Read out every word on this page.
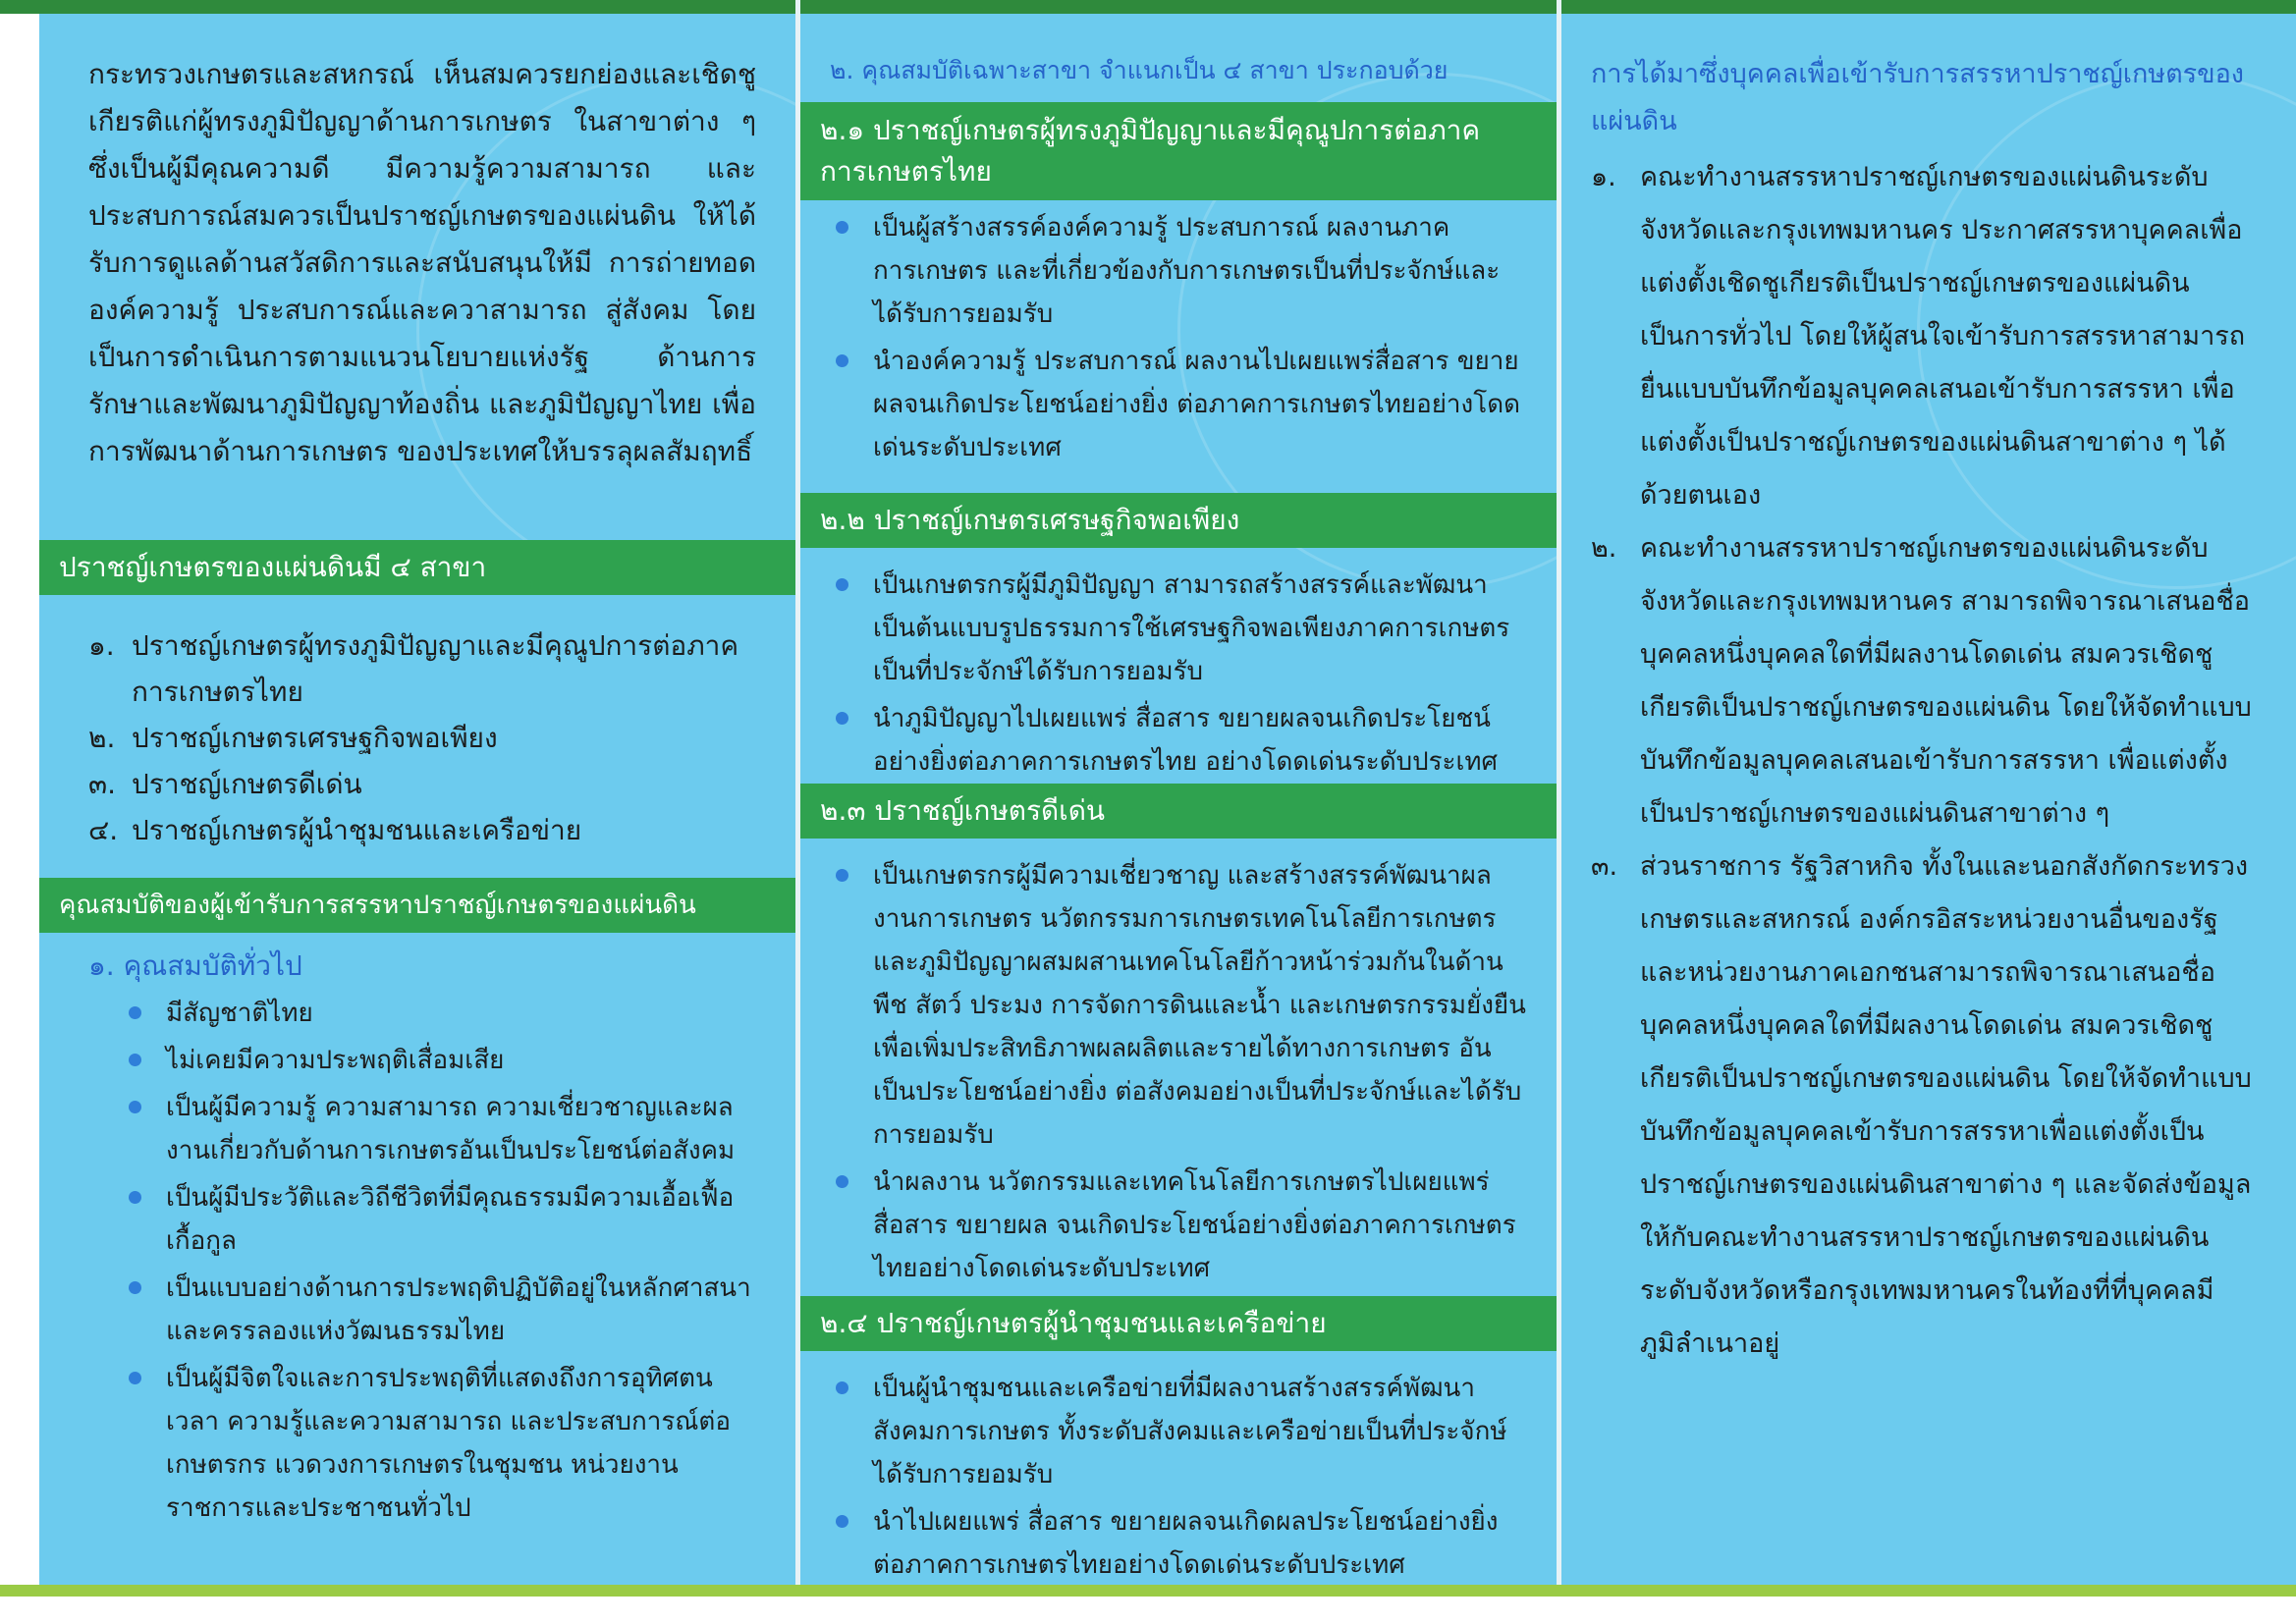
กระทรวงเกษตรและสหกรณ์ เห็นสมควรยกย่องและเชิดชูเกียรติแก่ผู้ทรงภูมิปัญญาด้านการเกษตร ในสาขาต่าง ๆ ซึ่งเป็นผู้มีคุณความดี มีความรู้ความสามารถ และประสบการณ์สมควรเป็นปราชญ์เกษตรของแผ่นดิน ให้ได้รับการดูแลด้านสวัสดิการและสนับสนุนให้มี การถ่ายทอดองค์ความรู้ ประสบการณ์และควาสามารถ สู่สังคม โดยเป็นการดำเนินการตามแนวนโยบายแห่งรัฐ ด้านการรักษาและพัฒนาภูมิปัญญาท้องถิ่น และภูมิปัญญาไทย เพื่อการพัฒนาด้านการเกษตร ของประเทศให้บรรลุผลสัมฤทธิ์

ปราชญ์เกษตรของแผ่นดินมี ๔ สาขา
๑. ปราชญ์เกษตรผู้ทรงภูมิปัญญาและมีคุณูปการต่อภาคการเกษตรไทย
๒. ปราชญ์เกษตรเศรษฐกิจพอเพียง
๓. ปราชญ์เกษตรดีเด่น
๔. ปราชญ์เกษตรผู้นำชุมชนและเครือข่าย
คุณสมบัติของผู้เข้ารับการสรรหาปราชญ์เกษตรของแผ่นดิน
๑. คุณสมบัติทั่วไป
มีสัญชาติไทย
ไม่เคยมีความประพฤติเสื่อมเสีย
เป็นผู้มีความรู้ ความสามารถ ความเชี่ยวชาญและผลงานเกี่ยวกับด้านการเกษตรอันเป็นประโยชน์ต่อสังคม
เป็นผู้มีประวัติและวิถีชีวิตที่มีคุณธรรมมีความเอื้อเฟื้อเกื้อกูล
เป็นแบบอย่างด้านการประพฤติปฏิบัติอยู่ในหลักศาสนาและครรลองแห่งวัฒนธรรมไทย
เป็นผู้มีจิตใจและการประพฤติที่แสดงถึงการอุทิศตนเวลา ความรู้และความสามารถ และประสบการณ์ต่อเกษตรกร แวดวงการเกษตรในชุมชน หน่วยงานราชการและประชาชนทั่วไป
๒. คุณสมบัติเฉพาะสาขา จำแนกเป็น ๔ สาขา ประกอบด้วย
๒.๑ ปราชญ์เกษตรผู้ทรงภูมิปัญญาและมีคุณูปการต่อภาคการเกษตรไทย
เป็นผู้สร้างสรรค์องค์ความรู้ ประสบการณ์ ผลงานภาคการเกษตร และที่เกี่ยวข้องกับการเกษตรเป็นที่ประจักษ์และได้รับการยอมรับ
นำองค์ความรู้ ประสบการณ์ ผลงานไปเผยแพร่สื่อสาร ขยายผลจนเกิดประโยชน์อย่างยิ่ง ต่อภาคการเกษตรไทยอย่างโดดเด่นระดับประเทศ
๒.๒ ปราชญ์เกษตรเศรษฐกิจพอเพียง
เป็นเกษตรกรผู้มีภูมิปัญญา สามารถสร้างสรรค์และพัฒนาเป็นต้นแบบรูปธรรมการใช้เศรษฐกิจพอเพียงภาคการเกษตร เป็นที่ประจักษ์ได้รับการยอมรับ
นำภูมิปัญญาไปเผยแพร่ สื่อสาร ขยายผลจนเกิดประโยชน์อย่างยิ่งต่อภาคการเกษตรไทย อย่างโดดเด่นระดับประเทศ
๒.๓ ปราชญ์เกษตรดีเด่น
เป็นเกษตรกรผู้มีความเชี่ยวชาญ และสร้างสรรค์พัฒนาผลงานการเกษตร นวัตกรรมการเกษตรเทคโนโลยีการเกษตร และภูมิปัญญาผสมผสานเทคโนโลยีก้าวหน้าร่วมกันในด้านพืช สัตว์ ประมง การจัดการดินและน้ำ และเกษตรกรรมยั่งยืน เพื่อเพิ่มประสิทธิภาพผลผลิตและรายได้ทางการเกษตร อันเป็นประโยชน์อย่างยิ่ง ต่อสังคมอย่างเป็นที่ประจักษ์และได้รับการยอมรับ
นำผลงาน นวัตกรรมและเทคโนโลยีการเกษตรไปเผยแพร่ สื่อสาร ขยายผล จนเกิดประโยชน์อย่างยิ่งต่อภาคการเกษตรไทยอย่างโดดเด่นระดับประเทศ
๒.๔ ปราชญ์เกษตรผู้นำชุมชนและเครือข่าย
เป็นผู้นำชุมชนและเครือข่ายที่มีผลงานสร้างสรรค์พัฒนาสังคมการเกษตร ทั้งระดับสังคมและเครือข่ายเป็นที่ประจักษ์ได้รับการยอมรับ
นำไปเผยแพร่ สื่อสาร ขยายผลจนเกิดผลประโยชน์อย่างยิ่งต่อภาคการเกษตรไทยอย่างโดดเด่นระดับประเทศ
การได้มาซึ่งบุคคลเพื่อเข้ารับการสรรหาปราชญ์เกษตรของแผ่นดิน
๑. คณะทำงานสรรหาปราชญ์เกษตรของแผ่นดินระดับจังหวัดและกรุงเทพมหานคร ประกาศสรรหาบุคคลเพื่อแต่งตั้งเชิดชูเกียรติเป็นปราชญ์เกษตรของแผ่นดินเป็นการทั่วไป โดยให้ผู้สนใจเข้ารับการสรรหาสามารถยื่นแบบบันทึกข้อมูลบุคคลเสนอเข้ารับการสรรหา เพื่อแต่งตั้งเป็นปราชญ์เกษตรของแผ่นดินสาขาต่าง ๆ ได้ด้วยตนเอง
๒. คณะทำงานสรรหาปราชญ์เกษตรของแผ่นดินระดับจังหวัดและกรุงเทพมหานคร สามารถพิจารณาเสนอชื่อบุคคลหนึ่งบุคคลใดที่มีผลงานโดดเด่น สมควรเชิดชูเกียรติเป็นปราชญ์เกษตรของแผ่นดิน โดยให้จัดทำแบบบันทึกข้อมูลบุคคลเสนอเข้ารับการสรรหา เพื่อแต่งตั้งเป็นปราชญ์เกษตรของแผ่นดินสาขาต่าง ๆ
๓. ส่วนราชการ รัฐวิสาหกิจ ทั้งในและนอกสังกัดกระทรวงเกษตรและสหกรณ์ องค์กรอิสระหน่วยงานอื่นของรัฐ และหน่วยงานภาคเอกชนสามารถพิจารณาเสนอชื่อบุคคลหนึ่งบุคคลใดที่มีผลงานโดดเด่น สมควรเชิดชูเกียรติเป็นปราชญ์เกษตรของแผ่นดิน โดยให้จัดทำแบบบันทึกข้อมูลบุคคลเข้ารับการสรรหาเพื่อแต่งตั้งเป็นปราชญ์เกษตรของแผ่นดินสาขาต่าง ๆ และจัดส่งข้อมูลให้กับคณะทำงานสรรหาปราชญ์เกษตรของแผ่นดินระดับจังหวัดหรือกรุงเทพมหานครในท้องที่ที่บุคคลมีภูมิลำเนาอยู่
